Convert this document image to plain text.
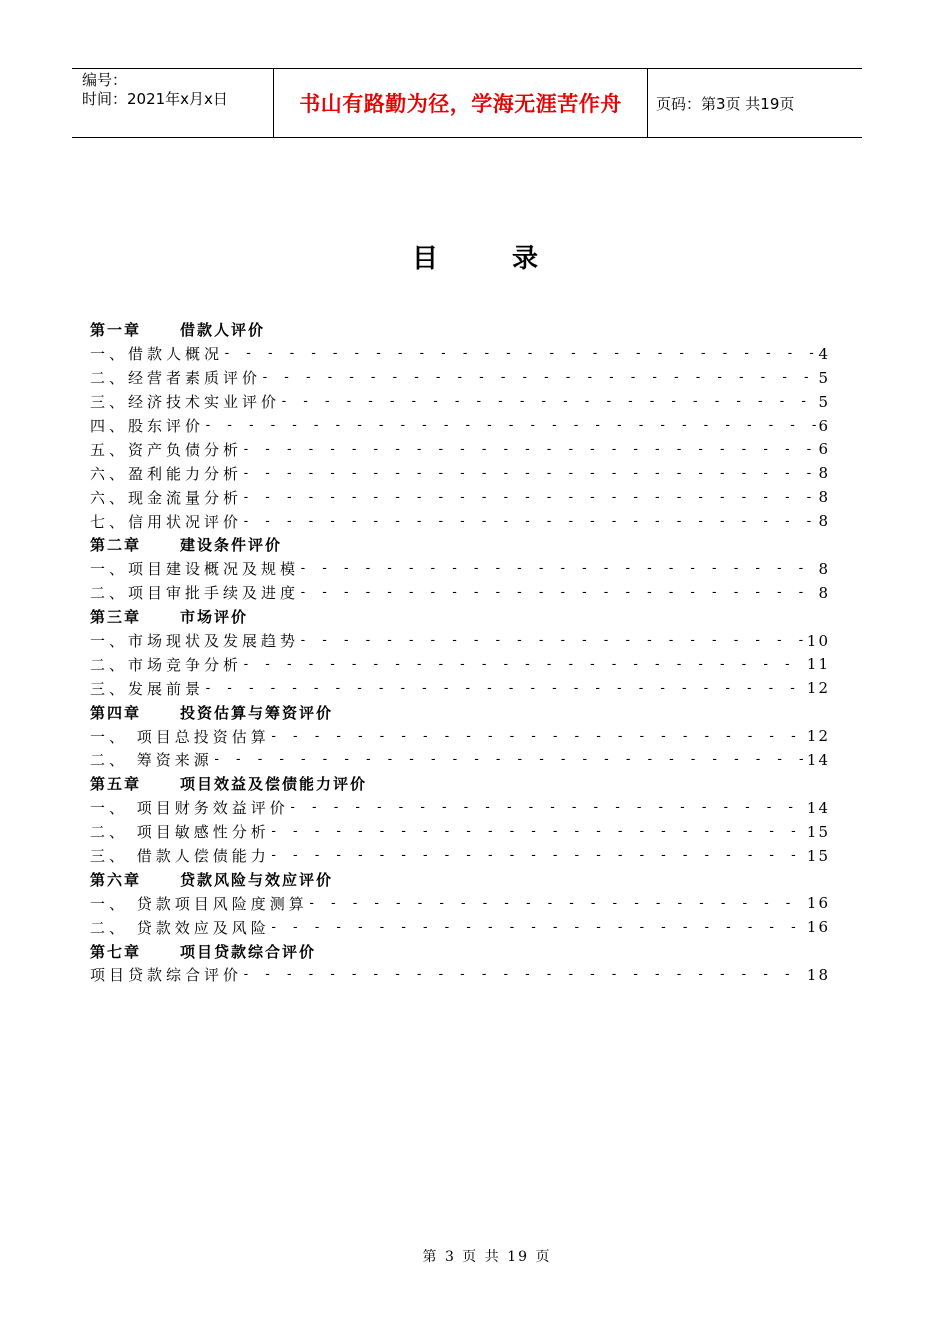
编号：
时间：2021年x月x日	书山有路勤为径，学海无涯苦作舟	页码：第3页 共19页
目录
第一章	借款人评价
一、借款人概况 - - -	4
二、经营者素质评价 - - -	5
三、经济技术实业评价 - - -	5
四、股东评价 - - -	6
五、资产负债分析 - - -	6
六、盈利能力分析 - - -	8
六、现金流量分析 - - -	8
七、信用状况评价 - - -	8
第二章	建设条件评价
一、项目建设概况及规模 - - -	8
二、项目审批手续及进度 - - -	8
第三章	市场评价
一、市场现状及发展趋势 - - -	10
二、市场竞争分析 - - -	11
三、发展前景 - - -	12
第四章	投资估算与筹资评价
一、 项目总投资估算 - - -	12
二、 筹资来源 - - -	14
第五章	项目效益及偿债能力评价
一、 项目财务效益评价 - - -	14
二、 项目敏感性分析 - - -	15
三、 借款人偿债能力 - - -	15
第六章	贷款风险与效应评价
一、 贷款项目风险度测算 - - -	16
二、 贷款效应及风险 - - -	16
第七章	项目贷款综合评价
项目贷款综合评价 - - -	18
第 3 页 共 19 页
